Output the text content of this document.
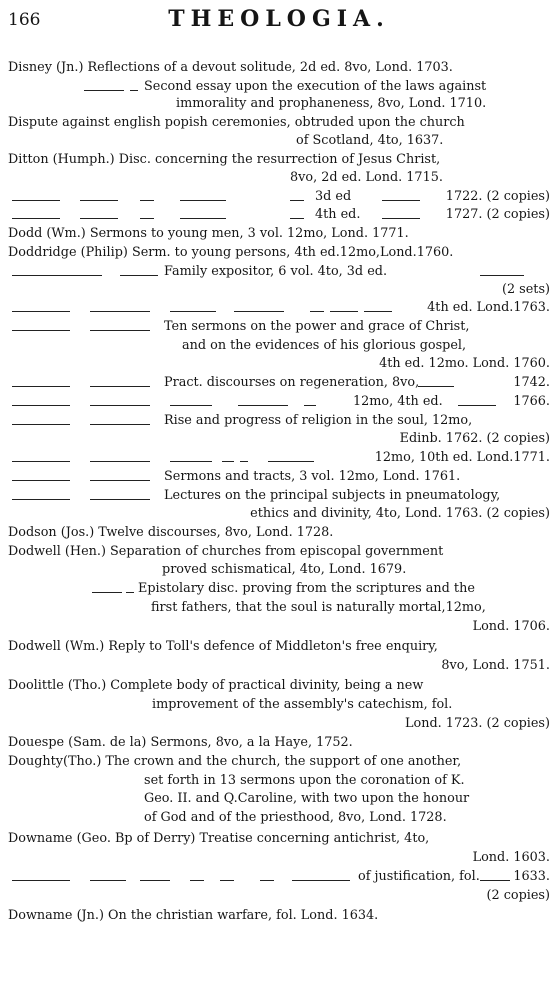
166	THEOLOGIA.
Disney (Jn.) Reflections of a devout solitude, 2d ed. 8vo, Lond. 1703.
Second essay upon the execution of the laws against
immorality and prophaneness, 8vo, Lond. 1710.
Dispute against english popish ceremonies, obtruded upon the church
of Scotland, 4to, 1637.
Ditton (Humph.) Disc. concerning the resurrection of Jesus Christ,
8vo, 2d ed. Lond. 1715.
3d ed	1722. (2 copies)
4th ed.	1727. (2 copies)
Dodd (Wm.) Sermons to young men, 3 vol. 12mo, Lond. 1771.
Doddridge (Philip) Serm. to young persons, 4th ed.12mo,Lond.1760.
Family expositor, 6 vol. 4to, 3d ed.
(2 sets)
4th ed. Lond.1763.
Ten sermons on the power and grace of Christ,
and on the evidences of his glorious gospel,
4th ed. 12mo. Lond. 1760.
Pract. discourses on regeneration, 8vo,	1742.
12mo, 4th ed.	1766.
Rise and progress of religion in the soul, 12mo,
Edinb. 1762. (2 copies)
12mo, 10th ed. Lond.1771.
Sermons and tracts, 3 vol. 12mo, Lond. 1761.
Lectures on the principal subjects in pneumatology,
ethics and divinity, 4to, Lond. 1763. (2 copies)
Dodson (Jos.) Twelve discourses, 8vo, Lond. 1728.
Dodwell (Hen.) Separation of churches from episcopal government
proved schismatical, 4to, Lond. 1679.
Epistolary disc. proving from the scriptures and the
first fathers, that the soul is naturally mortal,12mo,
Lond. 1706.
Dodwell (Wm.) Reply to Toll's defence of Middleton's free enquiry,
8vo, Lond. 1751.
Doolittle (Tho.) Complete body of practical divinity, being a new
improvement of the assembly's catechism, fol.
Lond. 1723. (2 copies)
Douespe (Sam. de la) Sermons, 8vo, a la Haye, 1752.
Doughty(Tho.) The crown and the church, the support of one another,
set forth in 13 sermons upon the coronation of K.
Geo. II. and Q.Caroline, with two upon the honour
of God and of the priesthood, 8vo, Lond. 1728.
Downame (Geo. Bp of Derry) Treatise concerning antichrist, 4to,
Lond. 1603.
of justification, fol.	1633.
(2 copies)
Downame (Jn.) On the christian warfare, fol. Lond. 1634.
